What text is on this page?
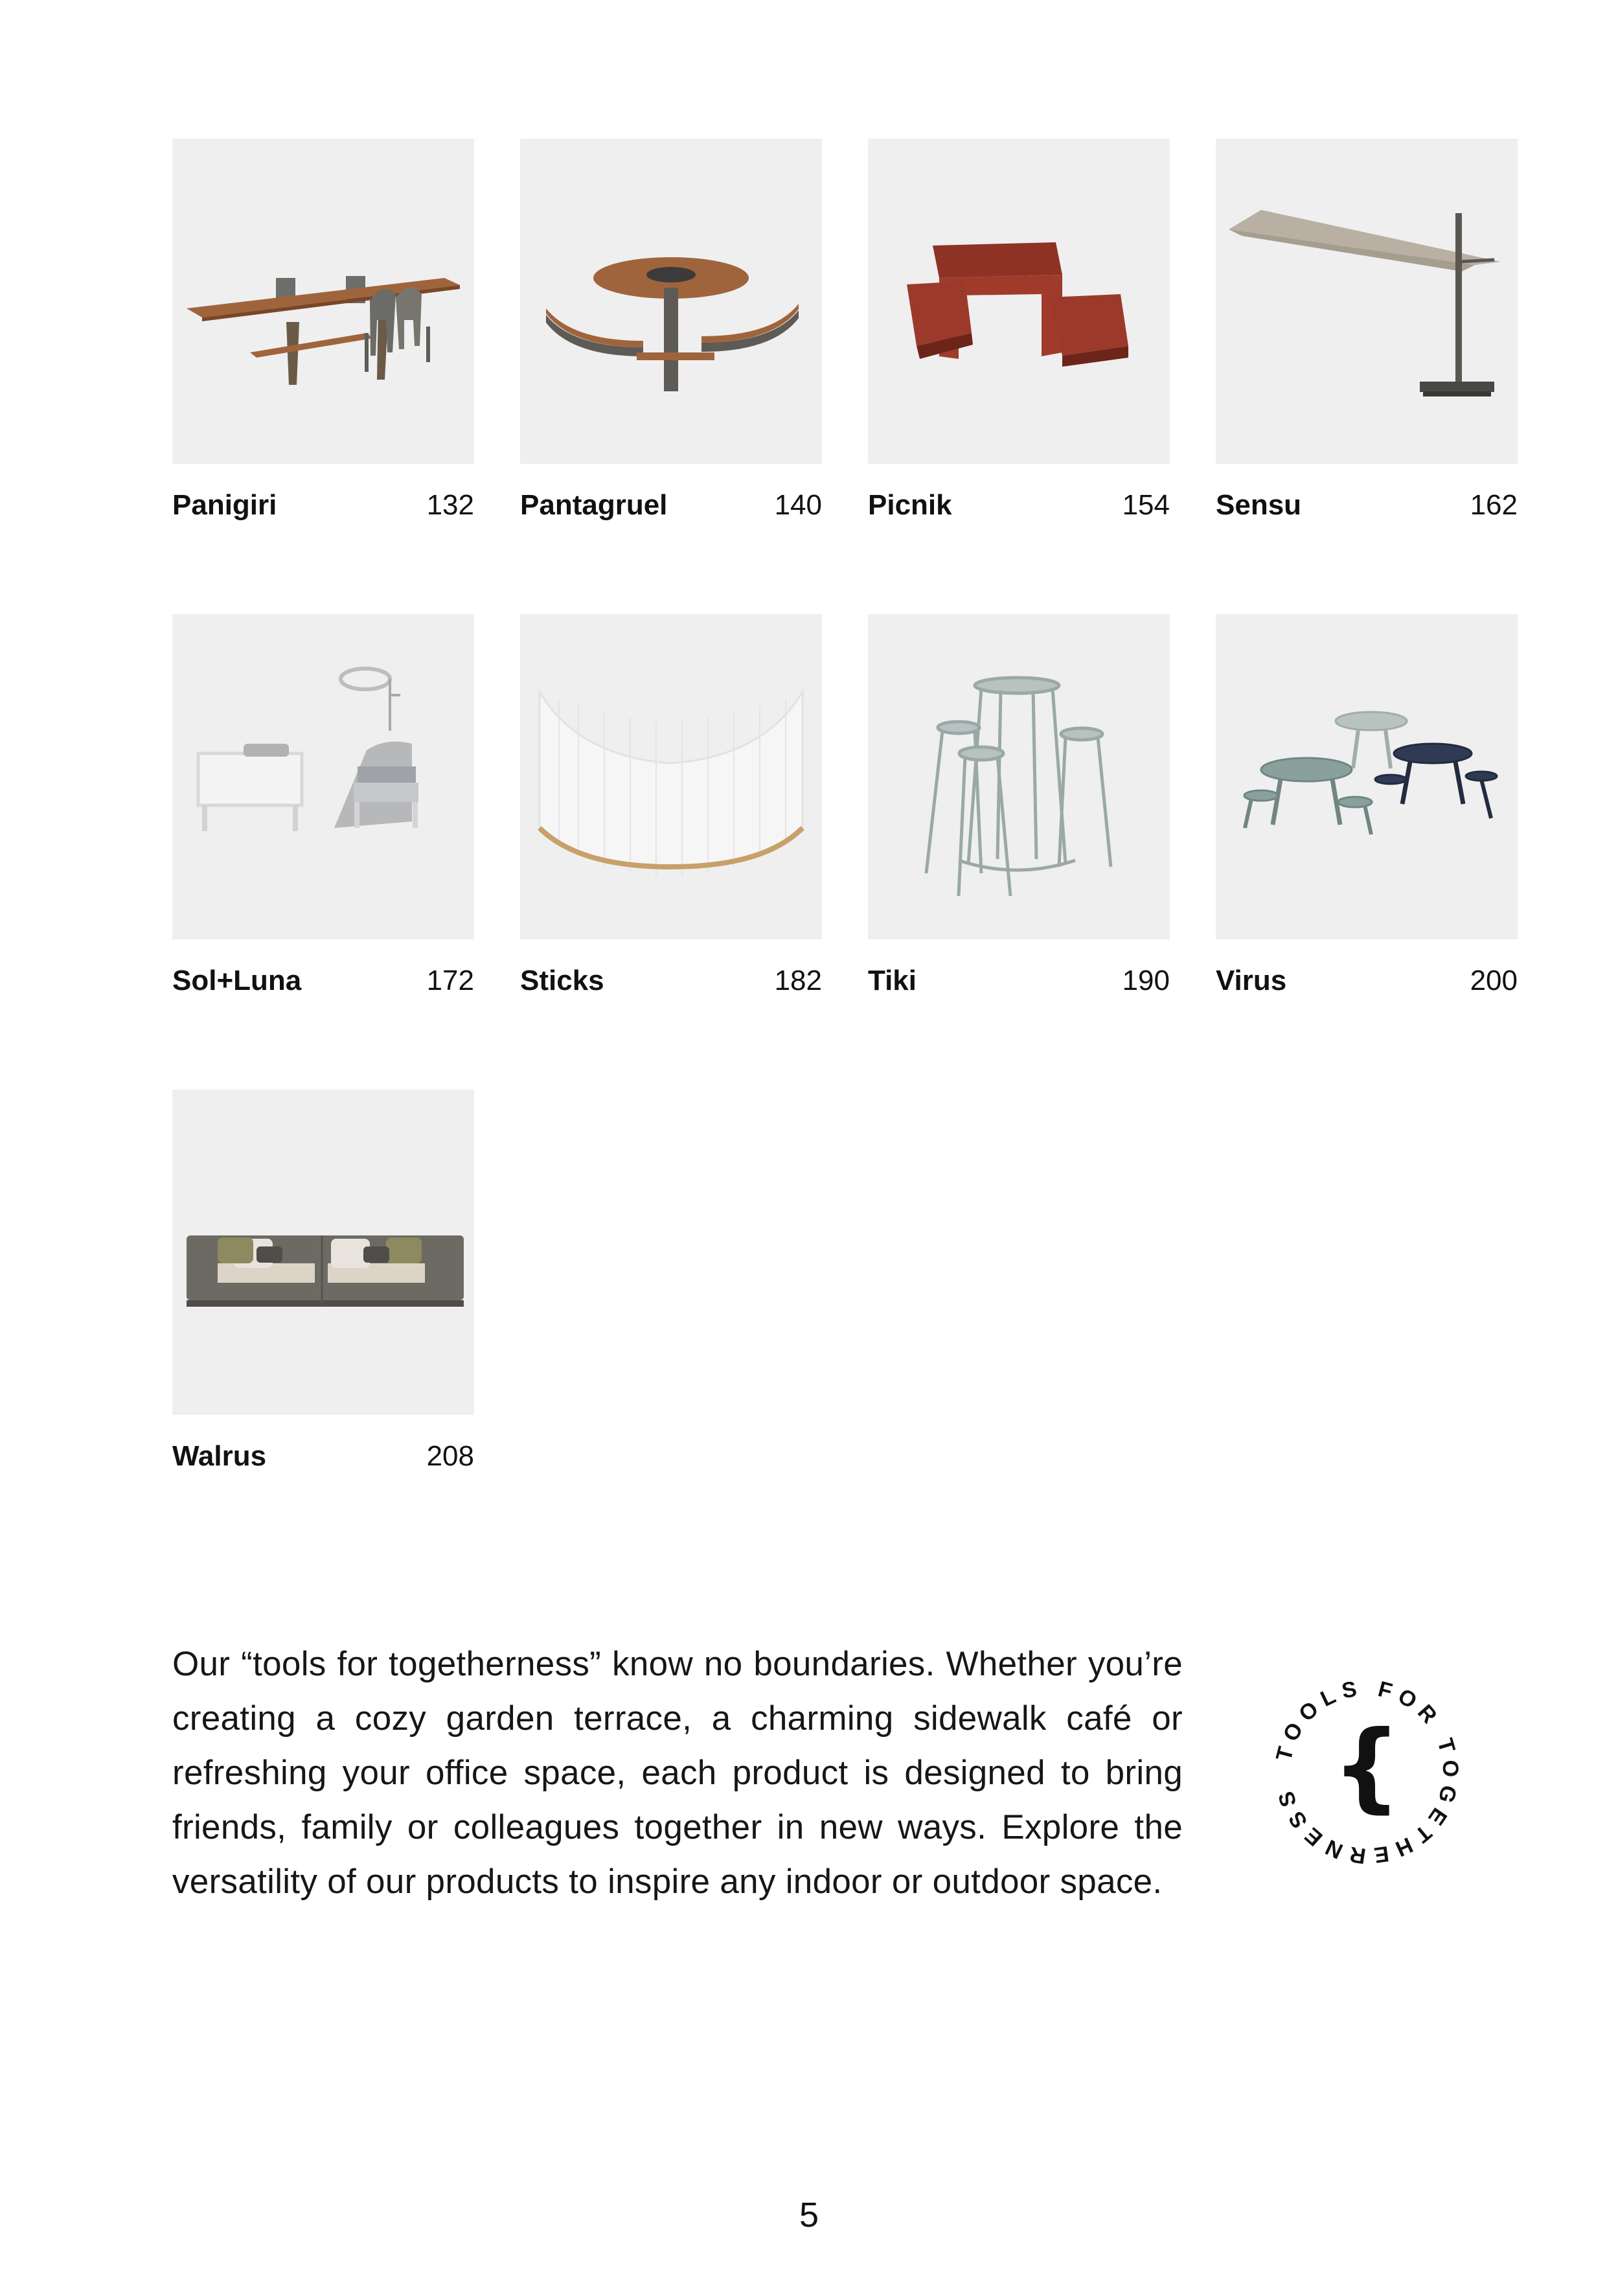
Panigiri	132 Pantagruel	140 Picnik	154 Sensu	162
Sol+Luna	172 Sticks	182 Tiki	190 Virus	200
Walrus	208

Our “tools for togetherness” know no boundaries. Whether you’re creating a cozy garden terrace, a charming sidewalk café or refreshing your office space, each product is designed to bring friends, family or colleagues together in new ways. Explore the versatility of our products to inspire any indoor or outdoor space.

TOOLS FOR TOGETHERNESS {
5
